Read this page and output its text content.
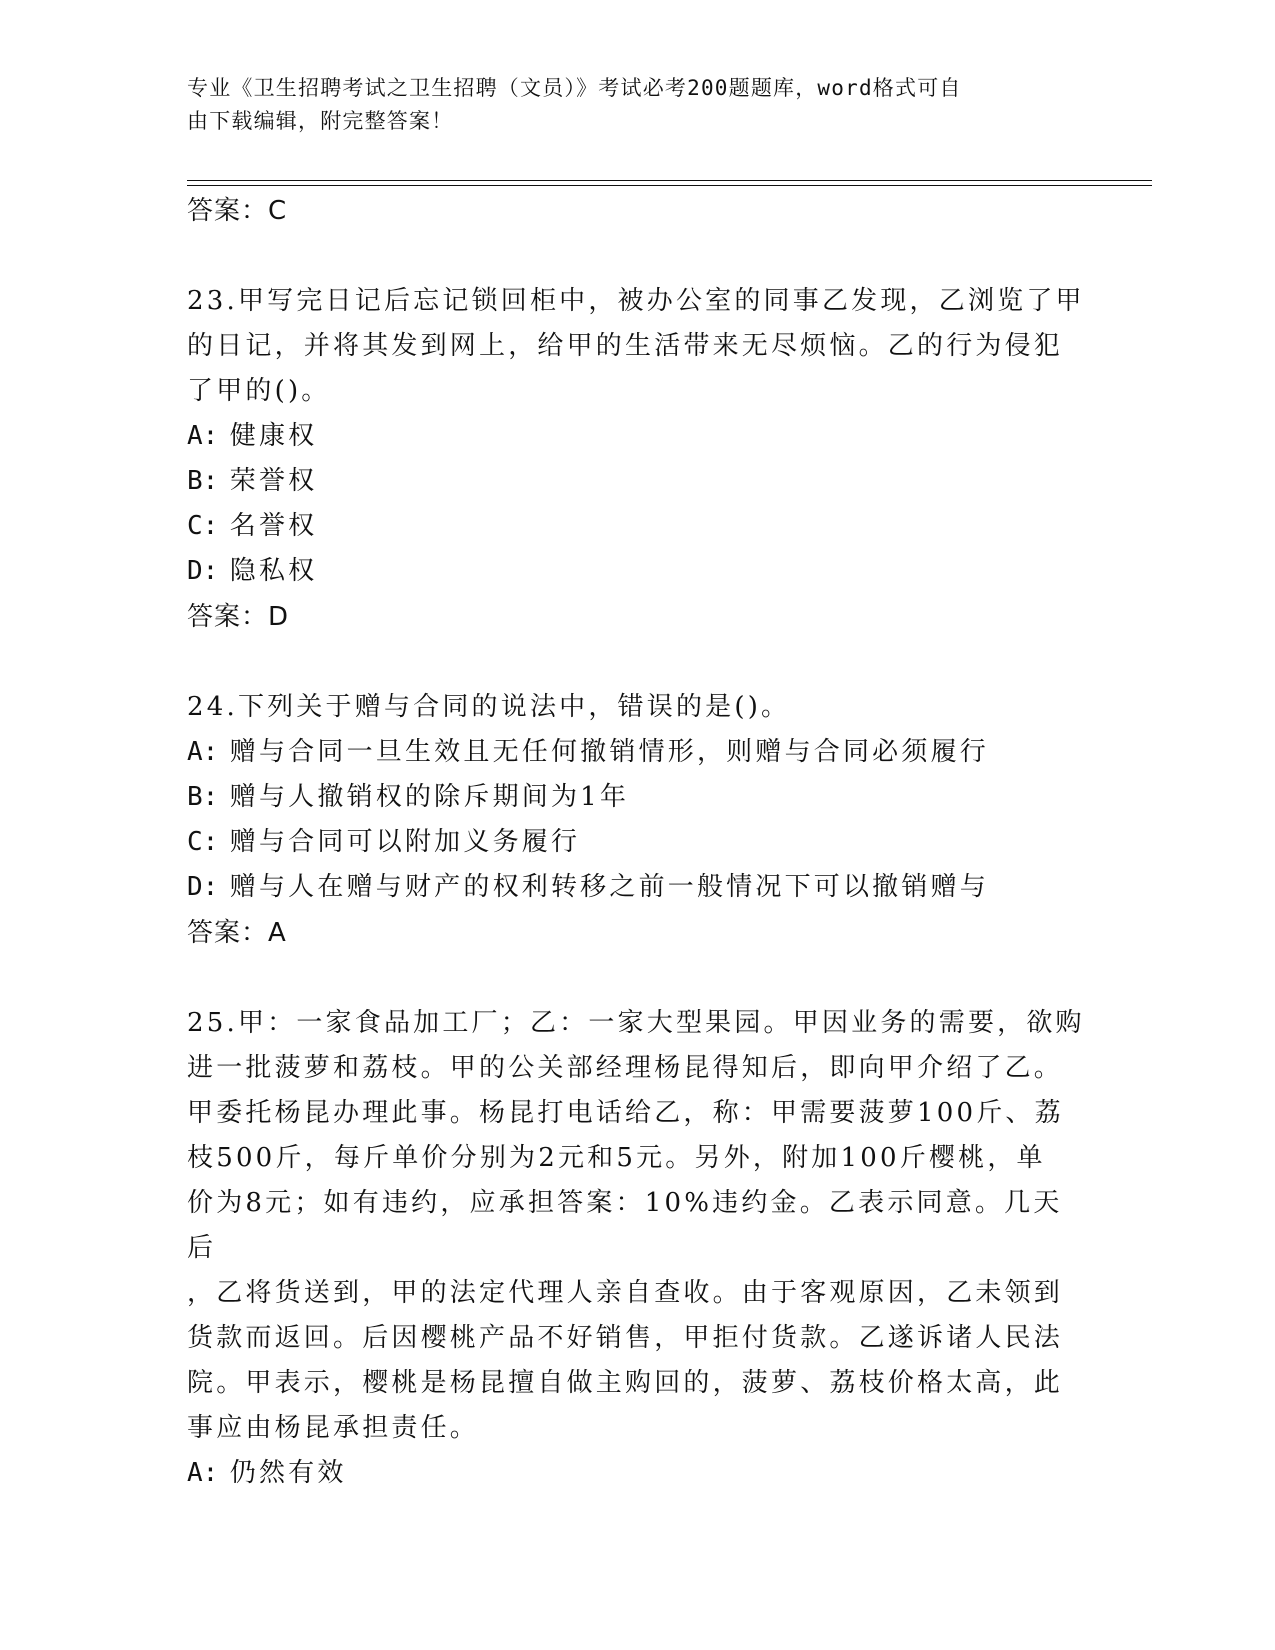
专业《卫生招聘考试之卫生招聘（文员）》考试必考200题题库，word格式可自
由下载编辑，附完整答案！
答案：C
23.甲写完日记后忘记锁回柜中，被办公室的同事乙发现，乙浏览了甲
的日记，并将其发到网上，给甲的生活带来无尽烦恼。乙的行为侵犯
了甲的()。
A: 健康权
B: 荣誉权
C: 名誉权
D: 隐私权
答案：D
24.下列关于赠与合同的说法中，错误的是()。
A: 赠与合同一旦生效且无任何撤销情形，则赠与合同必须履行
B: 赠与人撤销权的除斥期间为1年
C: 赠与合同可以附加义务履行
D: 赠与人在赠与财产的权利转移之前一般情况下可以撤销赠与
答案：A
25.甲：一家食品加工厂；乙：一家大型果园。甲因业务的需要，欲购
进一批菠萝和荔枝。甲的公关部经理杨昆得知后，即向甲介绍了乙。
甲委托杨昆办理此事。杨昆打电话给乙，称：甲需要菠萝100斤、荔
枝500斤，每斤单价分别为2元和5元。另外，附加100斤樱桃，单
价为8元；如有违约，应承担答案：10%违约金。乙表示同意。几天后
，乙将货送到，甲的法定代理人亲自查收。由于客观原因，乙未领到
货款而返回。后因樱桃产品不好销售，甲拒付货款。乙遂诉诸人民法
院。甲表示，樱桃是杨昆擅自做主购回的，菠萝、荔枝价格太高，此
事应由杨昆承担责任。
A: 仍然有效
